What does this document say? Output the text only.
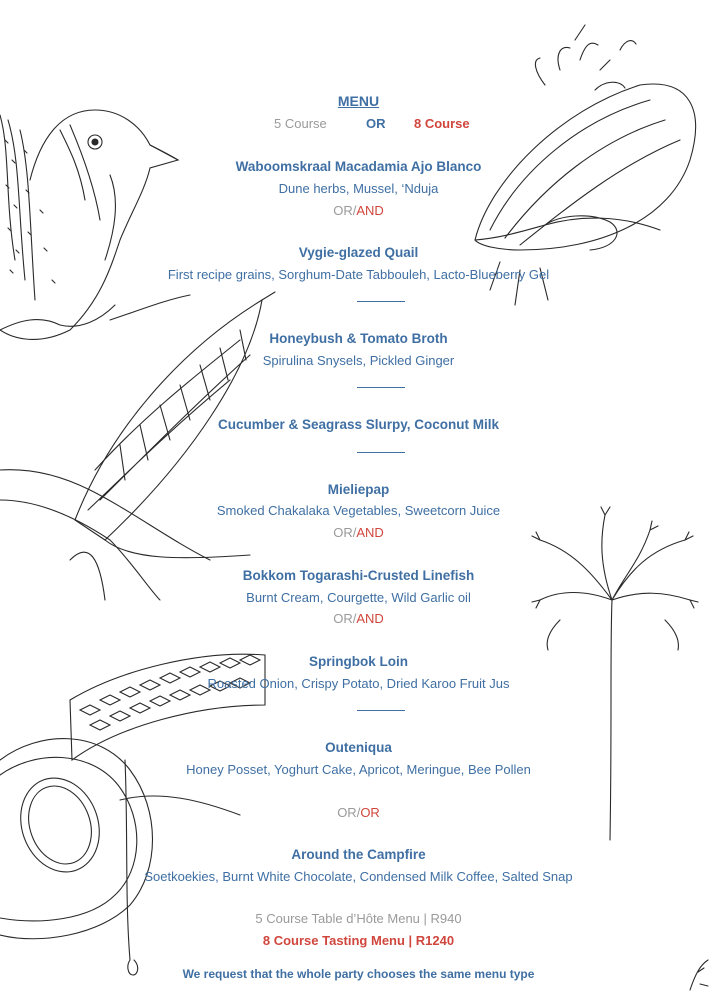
MENU
5 Course	OR 8 Course
Waboomskraal Macadamia Ajo Blanco
Dune herbs, Mussel, ‘Nduja
OR/AND
Vygie-glazed Quail
First recipe grains, Sorghum-Date Tabbouleh, Lacto-Blueberry Gel
Honeybush & Tomato Broth
Spirulina Snysels, Pickled Ginger
Cucumber & Seagrass Slurpy, Coconut Milk
Mieliepap
Smoked Chakalaka Vegetables, Sweetcorn Juice
OR/AND
Bokkom Togarashi-Crusted Linefish
Burnt Cream, Courgette, Wild Garlic oil
OR/AND
Springbok Loin
Roasted Onion, Crispy Potato, Dried Karoo Fruit Jus
Outeniqua
Honey Posset, Yoghurt Cake, Apricot, Meringue, Bee Pollen
OR/OR
Around the Campfire
Soetkoekies, Burnt White Chocolate, Condensed Milk Coffee, Salted Snap
5 Course Table d’Hôte Menu | R940
8 Course Tasting Menu | R1240
We request that the whole party chooses the same menu type
